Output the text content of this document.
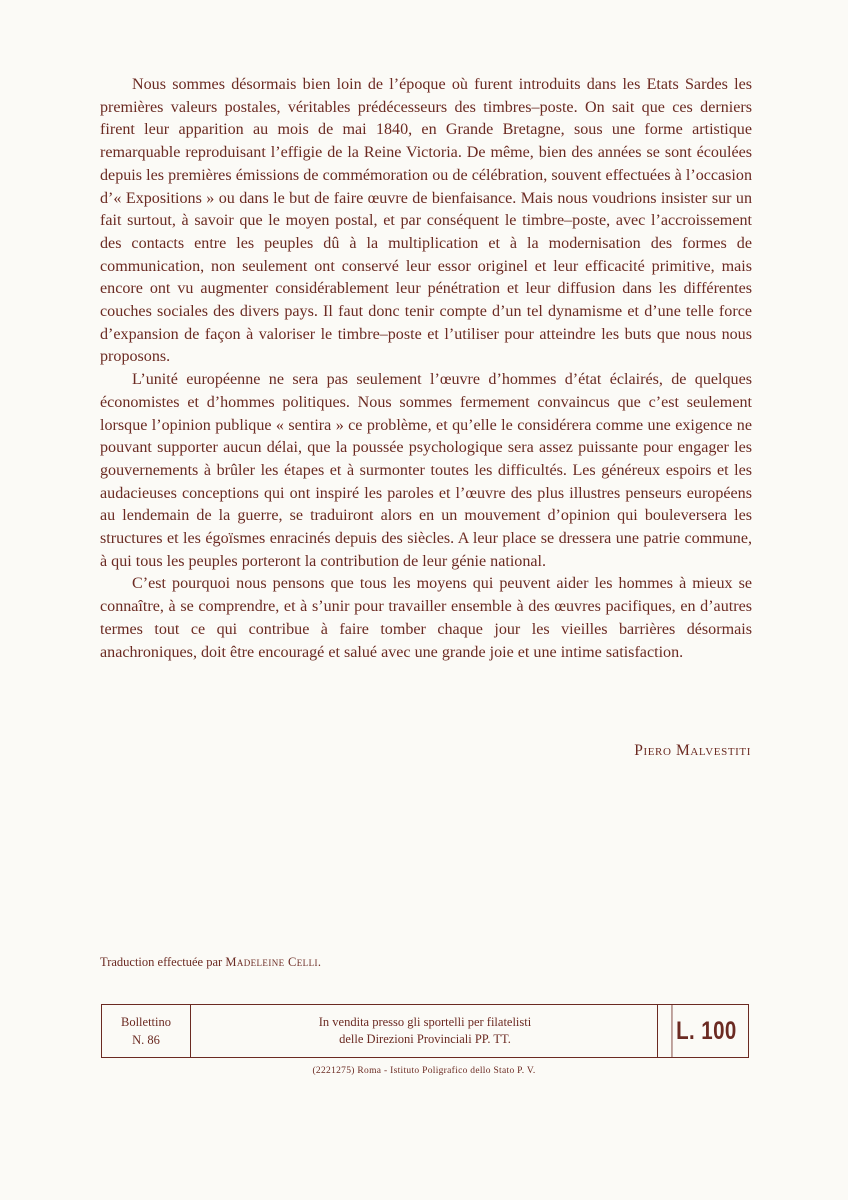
Nous sommes désormais bien loin de l’époque où furent introduits dans les Etats Sardes les premières valeurs postales, véritables prédécesseurs des timbres–poste. On sait que ces derniers firent leur apparition au mois de mai 1840, en Grande Bretagne, sous une forme artistique remarquable reproduisant l’effigie de la Reine Victoria. De même, bien des années se sont écoulées depuis les premières émissions de commémoration ou de célébration, souvent effectuées à l’occasion d’« Expositions » ou dans le but de faire œuvre de bienfaisance. Mais nous voudrions insister sur un fait surtout, à savoir que le moyen postal, et par conséquent le timbre–poste, avec l’accroissement des contacts entre les peuples dû à la multiplication et à la modernisation des formes de communication, non seulement ont conservé leur essor originel et leur efficacité primitive, mais encore ont vu augmenter considérablement leur pénétration et leur diffusion dans les différentes couches sociales des divers pays. Il faut donc tenir compte d’un tel dynamisme et d’une telle force d’expansion de façon à valoriser le timbre–poste et l’utiliser pour atteindre les buts que nous nous proposons.

L’unité européenne ne sera pas seulement l’œuvre d’hommes d’état éclairés, de quelques économistes et d’hommes politiques. Nous sommes fermement convaincus que c’est seulement lorsque l’opinion publique « sentira » ce problème, et qu’elle le considérera comme une exigence ne pouvant supporter aucun délai, que la poussée psychologique sera assez puissante pour engager les gouvernements à brûler les étapes et à surmonter toutes les difficultés. Les généreux espoirs et les audacieuses conceptions qui ont inspiré les paroles et l’œuvre des plus illustres penseurs européens au lendemain de la guerre, se traduiront alors en un mouvement d’opinion qui bouleversera les structures et les égoïsmes enracinés depuis des siècles. A leur place se dressera une patrie commune, à qui tous les peuples porteront la contribution de leur génie national.

C’est pourquoi nous pensons que tous les moyens qui peuvent aider les hommes à mieux se connaître, à se comprendre, et à s’unir pour travailler ensemble à des œuvres pacifiques, en d’autres termes tout ce qui contribue à faire tomber chaque jour les vieilles barrières désormais anachroniques, doit être encouragé et salué avec une grande joie et une intime satisfaction.

Piero Malvestiti
Traduction effectuée par Madeleine Celli.
Bollettino
N. 86
In vendita presso gli sportelli per filatelisti
delle Direzioni Provinciali PP. TT.	L. 100
(2221275) Roma - Istituto Poligrafico dello Stato P. V.
